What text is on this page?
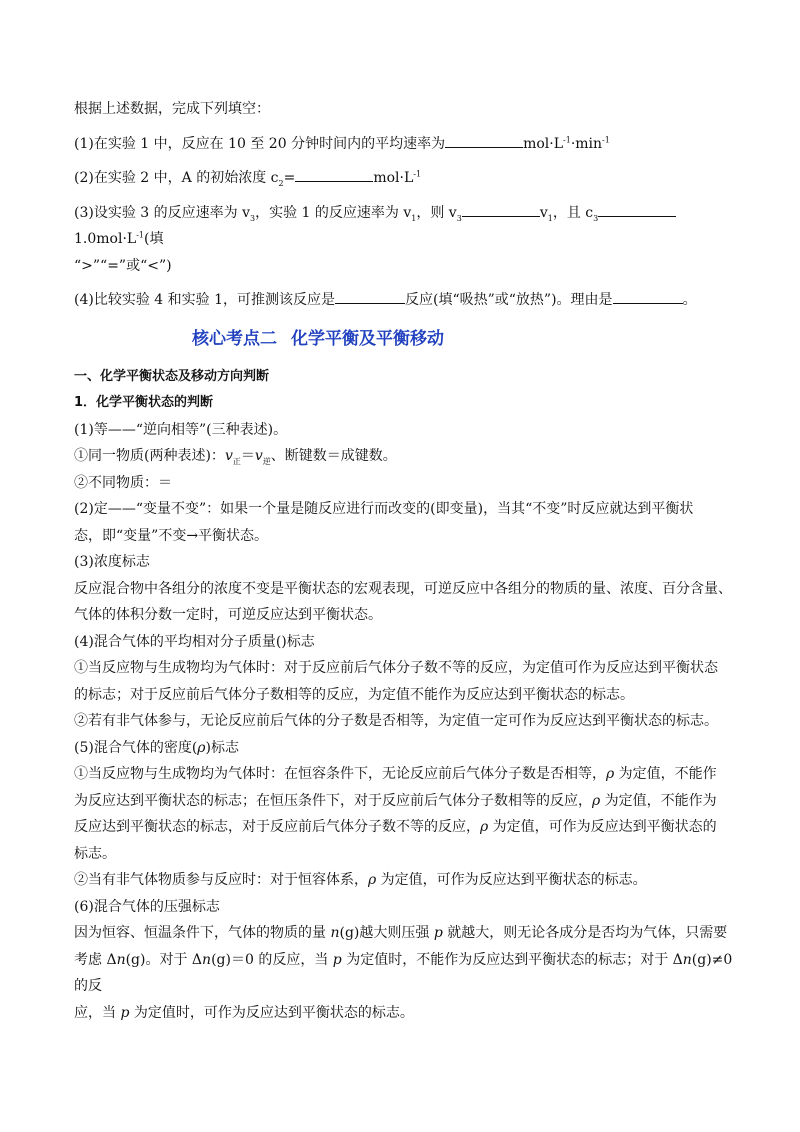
根据上述数据，完成下列填空：

(1)在实验 1 中，反应在 10 至 20 分钟时间内的平均速率为	$mol\cdot L^{-1}\cdot\min^{-1}$

(2)在实验 2 中，A 的初始浓度 $c_2=$	$mol\cdot L^{-1}$

(3)设实验 3 的反应速率为 $v_3$，实验 1 的反应速率为 $v_1$，则 $v_3$	$v_1$，且 $c_31.0mol\cdot L^{-1}$(填

“>”“=”或“<”)

(4)比较实验 4 和实验 1，可推测该反应是	反应(填“吸热”或“放热”)。理由是	。

核心考点二 化学平衡及平衡移动

一、化学平衡状态及移动方向判断

1．化学平衡状态的判断

(1)等——“逆向相等”(三种表述)。

①同一物质(两种表述)：$v_正=v_逆$、断键数＝成键数。

②不同物质：＝

(2)定——“变量不变”：如果一个量是随反应进行而改变的(即变量)，当其“不变”时反应就达到平衡状

态，即“变量”不变→平衡状态。

(3)浓度标志

反应混合物中各组分的浓度不变是平衡状态的宏观表现，可逆反应中各组分的物质的量、浓度、百分含量、

气体的体积分数一定时，可逆反应达到平衡状态。

(4)混合气体的平均相对分子质量()标志

①当反应物与生成物均为气体时：对于反应前后气体分子数不等的反应，为定值可作为反应达到平衡状态

的标志；对于反应前后气体分子数相等的反应，为定值不能作为反应达到平衡状态的标志。

②若有非气体参与，无论反应前后气体的分子数是否相等，为定值一定可作为反应达到平衡状态的标志。

(5)混合气体的密度(ρ)标志

①当反应物与生成物均为气体时：在恒容条件下，无论反应前后气体分子数是否相等，ρ 为定值，不能作

为反应达到平衡状态的标志；在恒压条件下，对于反应前后气体分子数相等的反应，ρ 为定值，不能作为

反应达到平衡状态的标志，对于反应前后气体分子数不等的反应，ρ 为定值，可作为反应达到平衡状态的

标志。

②当有非气体物质参与反应时：对于恒容体系，ρ 为定值，可作为反应达到平衡状态的标志。

(6)混合气体的压强标志

因为恒容、恒温条件下，气体的物质的量 n(g)越大则压强 p 就越大，则无论各成分是否均为气体，只需要

考虑 Δn(g)。对于 Δn(g)＝0 的反应，当 p 为定值时，不能作为反应达到平衡状态的标志；对于 Δn(g)≠0 的反

应，当 p 为定值时，可作为反应达到平衡状态的标志。
